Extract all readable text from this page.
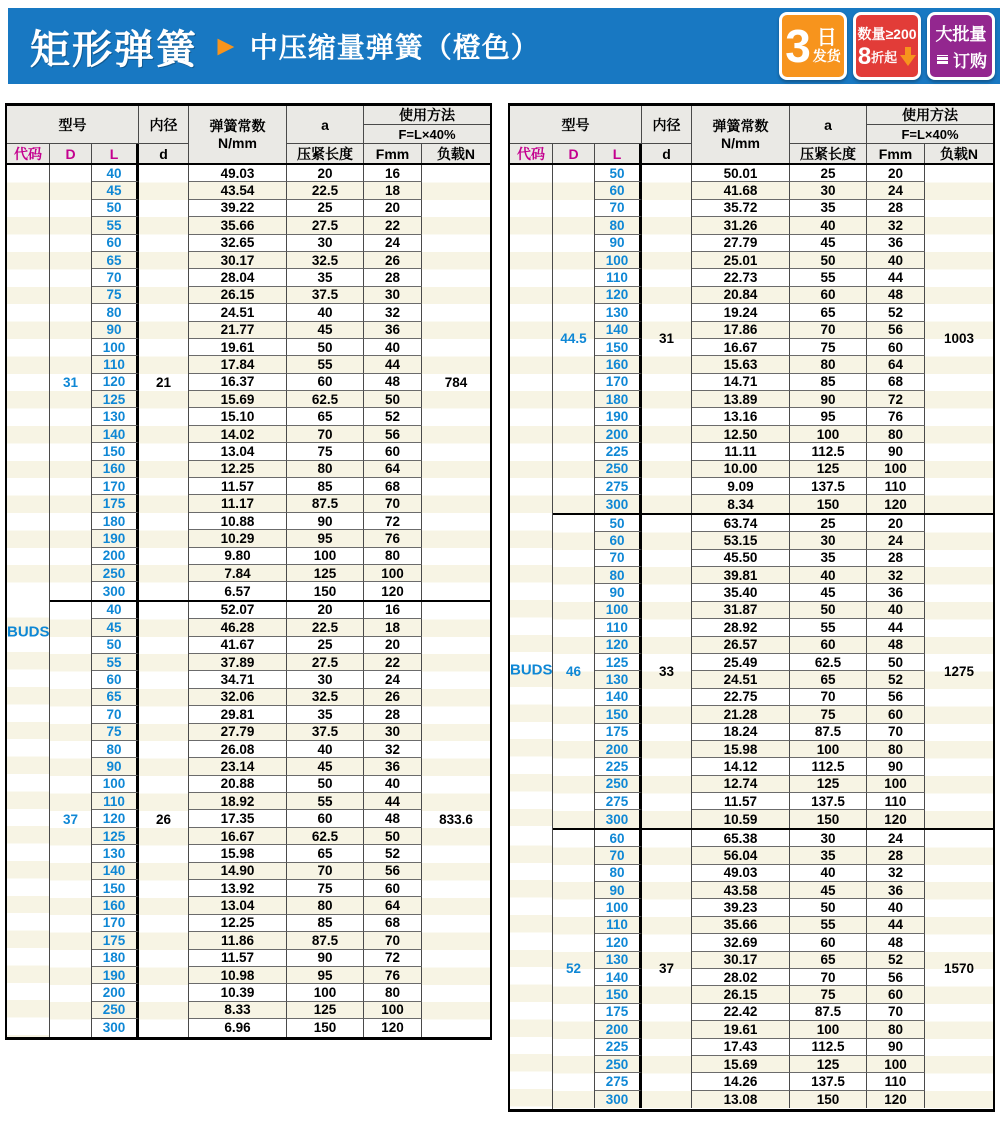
矩形弹簧 ► 中压缩量弹簧（橙色）	3 日
发货
数量≥200
8 折起
大批量
订购
型号	内径	弹簧常数
N/mm
a
使用方法
F=L×40%
代码	D	L	d	压紧长度	Fmm	负载N
BUDS
31	21	784
40	49.03	20	16
45	43.54	22.5	18
50	39.22	25	20
55	35.66	27.5	22
60	32.65	30	24
65	30.17	32.5	26
70	28.04	35	28
75	26.15	37.5	30
80	24.51	40	32
90	21.77	45	36
100	19.61	50	40
110	17.84	55	44
120	16.37	60	48
125	15.69	62.5	50
130	15.10	65	52
140	14.02	70	56
150	13.04	75	60
160	12.25	80	64
170	11.57	85	68
175	11.17	87.5	70
180	10.88	90	72
190	10.29	95	76
200	9.80	100	80
250	7.84	125	100
300	6.57	150	120
37	26	833.6
40	52.07	20	16
45	46.28	22.5	18
50	41.67	25	20
55	37.89	27.5	22
60	34.71	30	24
65	32.06	32.5	26
70	29.81	35	28
75	27.79	37.5	30
80	26.08	40	32
90	23.14	45	36
100	20.88	50	40
110	18.92	55	44
120	17.35	60	48
125	16.67	62.5	50
130	15.98	65	52
140	14.90	70	56
150	13.92	75	60
160	13.04	80	64
170	12.25	85	68
175	11.86	87.5	70
180	11.57	90	72
190	10.98	95	76
200	10.39	100	80
250	8.33	125	100
300	6.96	150	120
型号	内径	弹簧常数
N/mm
a
使用方法
F=L×40%
代码	D	L	d	压紧长度	Fmm	负载N
BUDS
44.5	31	1003
50	50.01	25	20
60	41.68	30	24
70	35.72	35	28
80	31.26	40	32
90	27.79	45	36
100	25.01	50	40
110	22.73	55	44
120	20.84	60	48
130	19.24	65	52
140	17.86	70	56
150	16.67	75	60
160	15.63	80	64
170	14.71	85	68
180	13.89	90	72
190	13.16	95	76
200	12.50	100	80
225	11.11	112.5	90
250	10.00	125	100
275	9.09	137.5	110
300	8.34	150	120
46	33	1275
50	63.74	25	20
60	53.15	30	24
70	45.50	35	28
80	39.81	40	32
90	35.40	45	36
100	31.87	50	40
110	28.92	55	44
120	26.57	60	48
125	25.49	62.5	50
130	24.51	65	52
140	22.75	70	56
150	21.28	75	60
175	18.24	87.5	70
200	15.98	100	80
225	14.12	112.5	90
250	12.74	125	100
275	11.57	137.5	110
300	10.59	150	120
52	37	1570
60	65.38	30	24
70	56.04	35	28
80	49.03	40	32
90	43.58	45	36
100	39.23	50	40
110	35.66	55	44
120	32.69	60	48
130	30.17	65	52
140	28.02	70	56
150	26.15	75	60
175	22.42	87.5	70
200	19.61	100	80
225	17.43	112.5	90
250	15.69	125	100
275	14.26	137.5	110
300	13.08	150	120
